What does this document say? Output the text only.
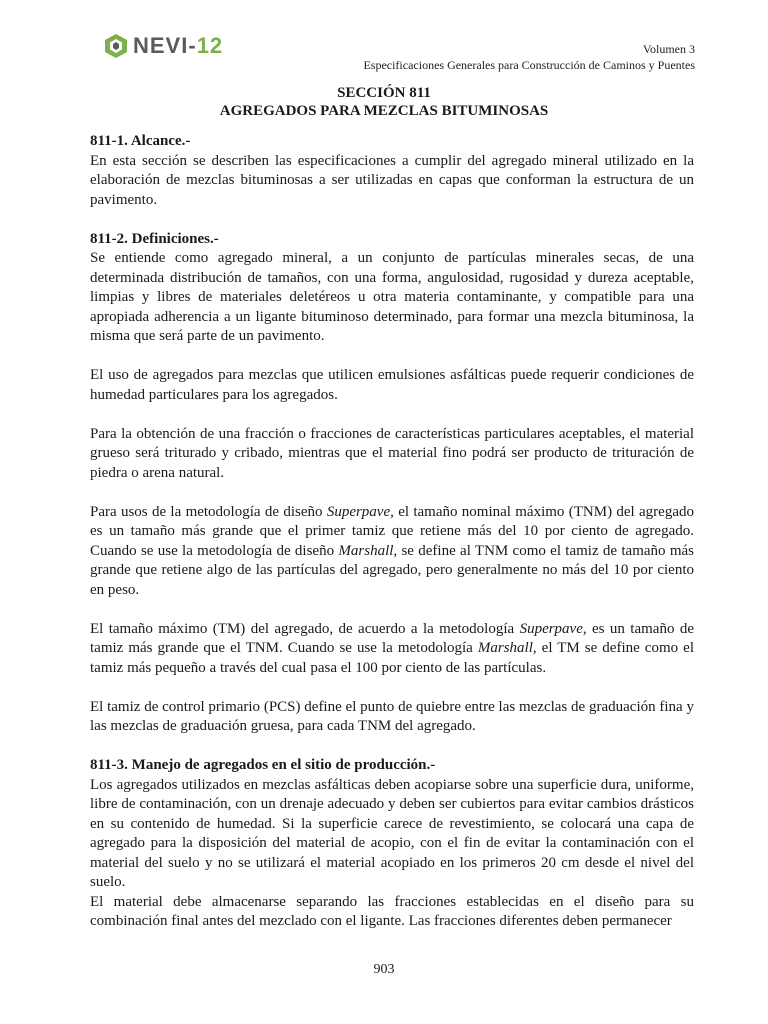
NEVI-12	Volumen 3
Especificaciones Generales para Construcción de Caminos y Puentes
SECCIÓN 811
AGREGADOS PARA MEZCLAS BITUMINOSAS
811-1. Alcance.-

En esta sección se describen las especificaciones a cumplir del agregado mineral utilizado en la elaboración de mezclas bituminosas a ser utilizadas en capas que conforman la estructura de un pavimento.

811-2. Definiciones.-

Se entiende como agregado mineral, a un conjunto de partículas minerales secas, de una determinada distribución de tamaños, con una forma, angulosidad, rugosidad y dureza aceptable, limpias y libres de materiales deletéreos u otra materia contaminante, y compatible para una apropiada adherencia a un ligante bituminoso determinado, para formar una mezcla bituminosa, la misma que será parte de un pavimento.

El uso de agregados para mezclas que utilicen emulsiones asfálticas puede requerir condiciones de humedad particulares para los agregados.

Para la obtención de una fracción o fracciones de características particulares aceptables, el material grueso será triturado y cribado, mientras que el material fino podrá ser producto de trituración de piedra o arena natural.

Para usos de la metodología de diseño Superpave, el tamaño nominal máximo (TNM) del agregado es un tamaño más grande que el primer tamiz que retiene más del 10 por ciento de agregado. Cuando se use la metodología de diseño Marshall, se define al TNM como el tamiz de tamaño más grande que retiene algo de las partículas del agregado, pero generalmente no más del 10 por ciento en peso.

El tamaño máximo (TM) del agregado, de acuerdo a la metodología Superpave, es un tamaño de tamiz más grande que el TNM. Cuando se use la metodología Marshall, el TM se define como el tamiz más pequeño a través del cual pasa el 100 por ciento de las partículas.

El tamiz de control primario (PCS) define el punto de quiebre entre las mezclas de graduación fina y las mezclas de graduación gruesa, para cada TNM del agregado.

811-3. Manejo de agregados en el sitio de producción.-

Los agregados utilizados en mezclas asfálticas deben acopiarse sobre una superficie dura, uniforme, libre de contaminación, con un drenaje adecuado y deben ser cubiertos para evitar cambios drásticos en su contenido de humedad. Si la superficie carece de revestimiento, se colocará una capa de agregado para la disposición del material de acopio, con el fin de evitar la contaminación con el material del suelo y no se utilizará el material acopiado en los primeros 20 cm desde el nivel del suelo.

El material debe almacenarse separando las fracciones establecidas en el diseño para su combinación final antes del mezclado con el ligante. Las fracciones diferentes deben permanecer

903
